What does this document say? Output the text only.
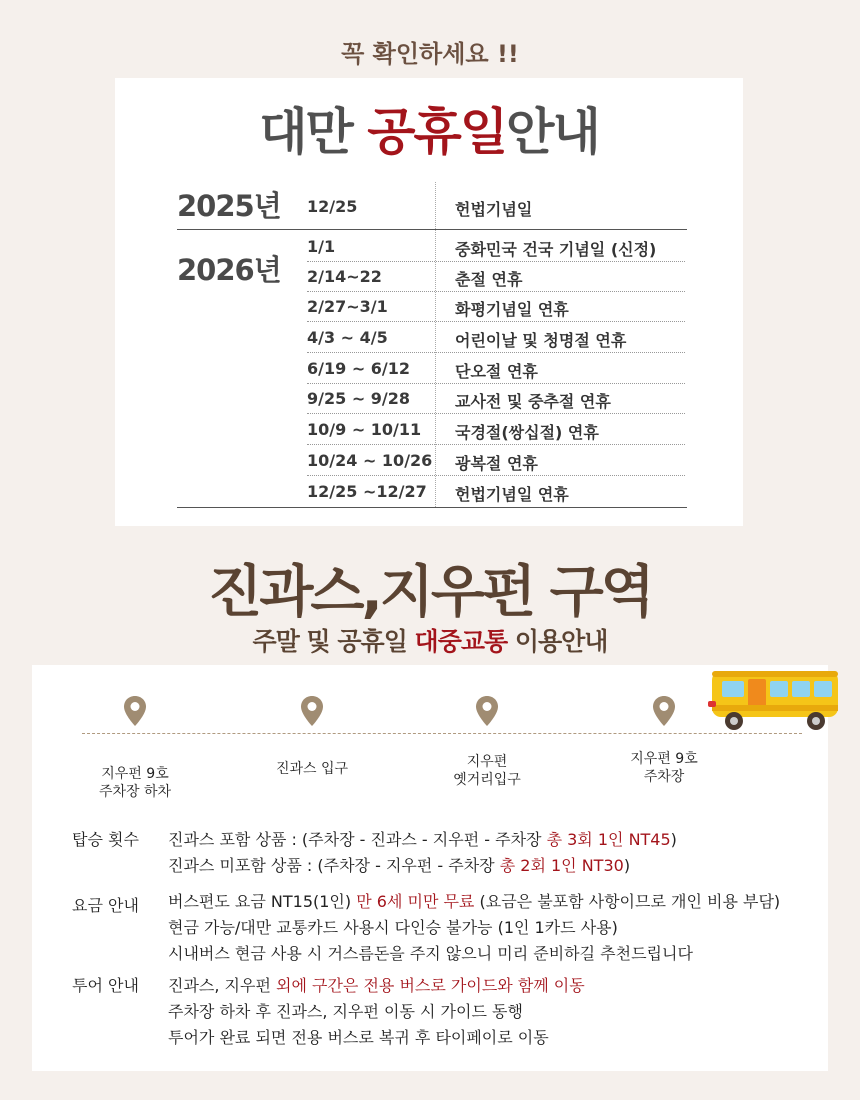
꼭 확인하세요 !!
대만 공휴일안내
2025년 12/25	헌법기념일
2026년
1/1	중화민국 건국 기념일 (신정)
2/14~22	춘절 연휴
2/27~3/1	화평기념일 연휴
4/3 ~ 4/5	어린이날 및 청명절 연휴
6/19 ~ 6/12	단오절 연휴
9/25 ~ 9/28	교사전 및 중추절 연휴
10/9 ~ 10/11 국경절(쌍십절) 연휴
10/24 ~ 10/26 광복절 연휴
12/25 ~12/27 헌법기념일 연휴
진과스,지우펀 구역
주말 및 공휴일 대중교통 이용안내
지우펀 9호
주차장 하차
진과스 입구	지우편
옛거리입구
지우편 9호
주차장
탑승 횟수	진과스 포함 상품 : (주차장 - 진과스 - 지우펀 - 주차장 총 3회 1인 NT45)
진과스 미포함 상품 : (주차장 - 지우펀 - 주차장 총 2회 1인 NT30)
요금 안내	버스편도 요금 NT15(1인) 만 6세 미만 무료 (요금은 불포함 사항이므로 개인 비용 부담)
현금 가능/대만 교통카드 사용시 다인승 불가능 (1인 1카드 사용)
시내버스 현금 사용 시 거스름돈을 주지 않으니 미리 준비하길 추천드립니다
투어 안내	진과스, 지우펀 외에 구간은 전용 버스로 가이드와 함께 이동
주차장 하차 후 진과스, 지우펀 이동 시 가이드 동행
투어가 완료 되면 전용 버스로 복귀 후 타이페이로 이동
